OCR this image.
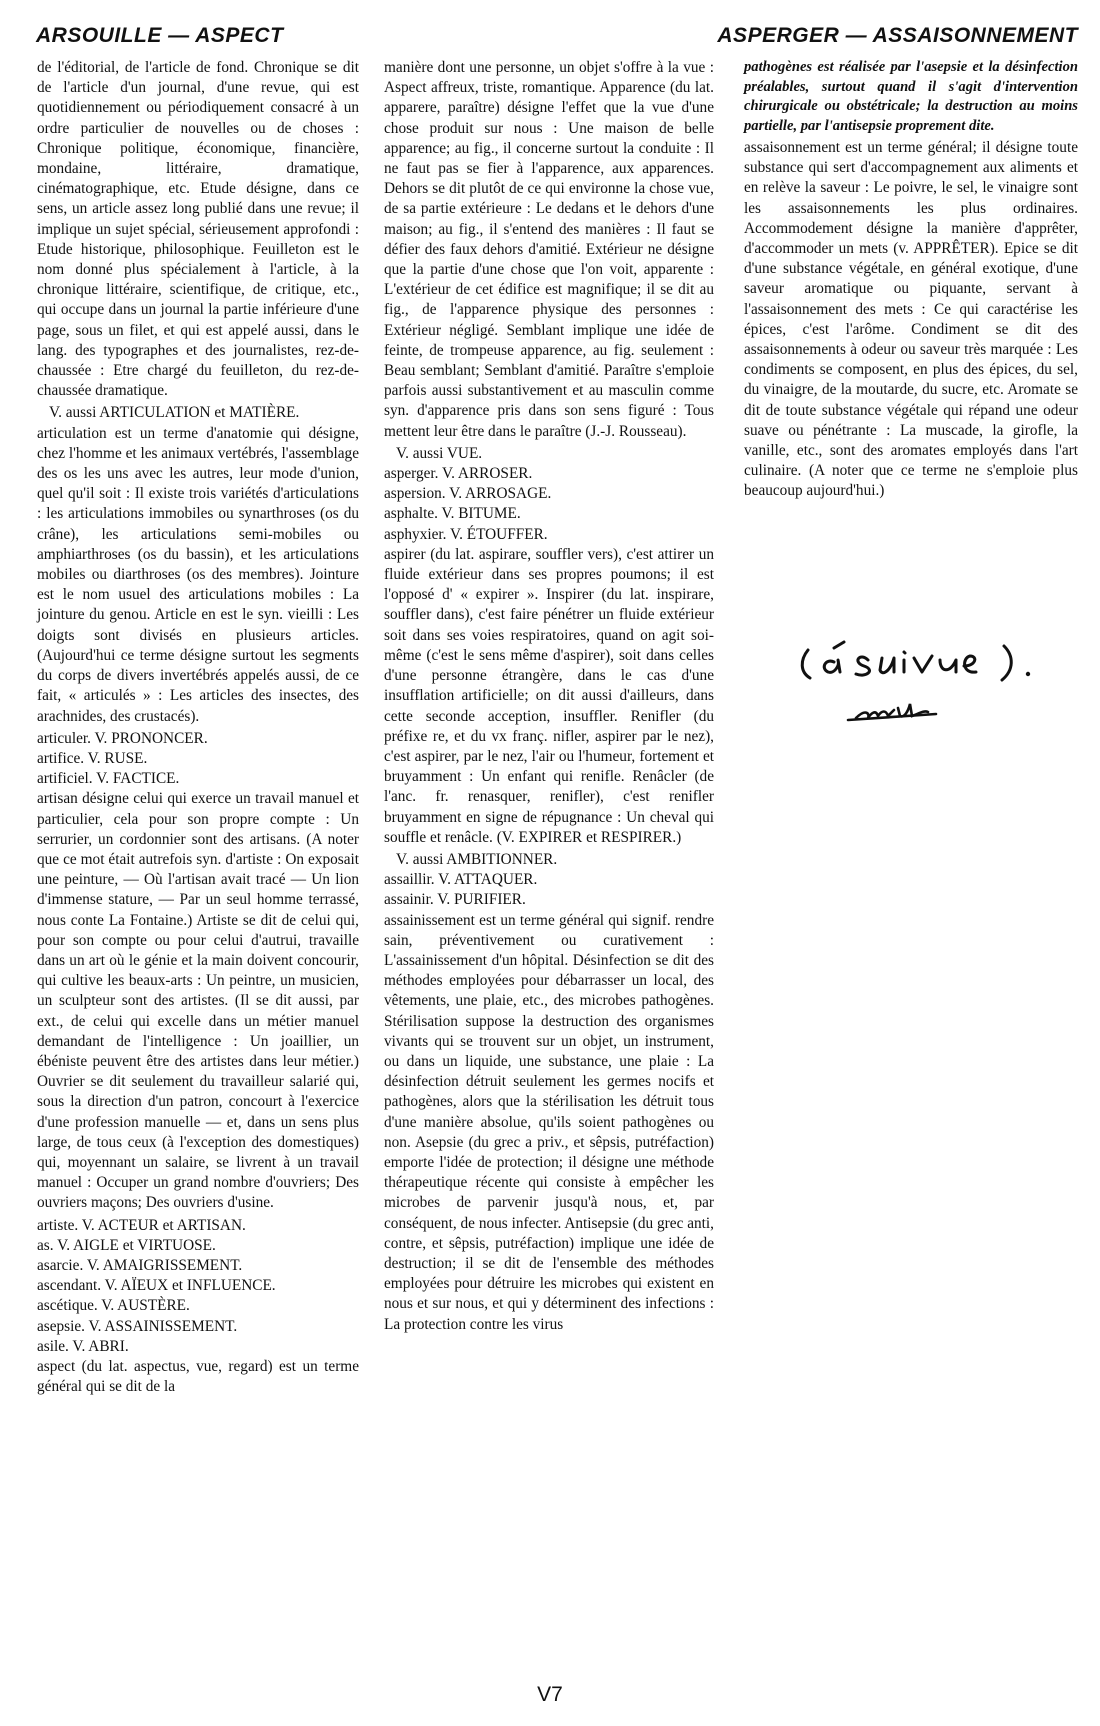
ARSOUILLE — ASPECT	ASPERGER — ASSAISONNEMENT

de l'éditorial, de l'article de fond. Chronique se dit de l'article d'un journal, d'une revue, qui est quotidiennement ou périodiquement consacré à un ordre particulier de nouvelles ou de choses : Chronique politique, économique, financière, mondaine, littéraire, dramatique, cinématographique, etc. Etude désigne, dans ce sens, un article assez long publié dans une revue; il implique un sujet spécial, sérieusement approfondi : Etude historique, philosophique. Feuilleton est le nom donné plus spécialement à l'article, à la chronique littéraire, scientifique, de critique, etc., qui occupe dans un journal la partie inférieure d'une page, sous un filet, et qui est appelé aussi, dans le lang. des typographes et des journalistes, rez-de-chaussée : Etre chargé du feuilleton, du rez-de-chaussée dramatique.

V. aussi ARTICULATION et MATIÈRE.

articulation est un terme d'anatomie qui désigne, chez l'homme et les animaux vertébrés, l'assemblage des os les uns avec les autres, leur mode d'union, quel qu'il soit : Il existe trois variétés d'articulations : les articulations immobiles ou synarthroses (os du crâne), les articulations semi-mobiles ou amphiarthroses (os du bassin), et les articulations mobiles ou diarthroses (os des membres). Jointure est le nom usuel des articulations mobiles : La jointure du genou. Article en est le syn. vieilli : Les doigts sont divisés en plusieurs articles. (Aujourd'hui ce terme désigne surtout les segments du corps de divers invertébrés appelés aussi, de ce fait, « articulés » : Les articles des insectes, des arachnides, des crustacés).

articuler. V. PRONONCER.

artifice. V. RUSE.

artificiel. V. FACTICE.

artisan désigne celui qui exerce un travail manuel et particulier, cela pour son propre compte : Un serrurier, un cordonnier sont des artisans. (A noter que ce mot était autrefois syn. d'artiste : On exposait une peinture, — Où l'artisan avait tracé — Un lion d'immense stature, — Par un seul homme terrassé, nous conte La Fontaine.) Artiste se dit de celui qui, pour son compte ou pour celui d'autrui, travaille dans un art où le génie et la main doivent concourir, qui cultive les beaux-arts : Un peintre, un musicien, un sculpteur sont des artistes. (Il se dit aussi, par ext., de celui qui excelle dans un métier manuel demandant de l'intelligence : Un joaillier, un ébéniste peuvent être des artistes dans leur métier.) Ouvrier se dit seulement du travailleur salarié qui, sous la direction d'un patron, concourt à l'exercice d'une profession manuelle — et, dans un sens plus large, de tous ceux (à l'exception des domestiques) qui, moyennant un salaire, se livrent à un travail manuel : Occuper un grand nombre d'ouvriers; Des ouvriers maçons; Des ouvriers d'usine.

artiste. V. ACTEUR et ARTISAN.

as. V. AIGLE et VIRTUOSE.

asarcie. V. AMAIGRISSEMENT.

ascendant. V. AÏEUX et INFLUENCE.

ascétique. V. AUSTÈRE.

asepsie. V. ASSAINISSEMENT.

asile. V. ABRI.

aspect (du lat. aspectus, vue, regard) est un terme général qui se dit de la

manière dont une personne, un objet s'offre à la vue : Aspect affreux, triste, romantique. Apparence (du lat. apparere, paraître) désigne l'effet que la vue d'une chose produit sur nous : Une maison de belle apparence; au fig., il concerne surtout la conduite : Il ne faut pas se fier à l'apparence, aux apparences. Dehors se dit plutôt de ce qui environne la chose vue, de sa partie extérieure : Le dedans et le dehors d'une maison; au fig., il s'entend des manières : Il faut se défier des faux dehors d'amitié. Extérieur ne désigne que la partie d'une chose que l'on voit, apparente : L'extérieur de cet édifice est magnifique; il se dit au fig., de l'apparence physique des personnes : Extérieur négligé. Semblant implique une idée de feinte, de trompeuse apparence, au fig. seulement : Beau semblant; Semblant d'amitié. Paraître s'emploie parfois aussi substantivement et au masculin comme syn. d'apparence pris dans son sens figuré : Tous mettent leur être dans le paraître (J.-J. Rousseau).

V. aussi VUE.

asperger. V. ARROSER.

aspersion. V. ARROSAGE.

asphalte. V. BITUME.

asphyxier. V. ÉTOUFFER.

aspirer (du lat. aspirare, souffler vers), c'est attirer un fluide extérieur dans ses propres poumons; il est l'opposé d' « expirer ». Inspirer (du lat. inspirare, souffler dans), c'est faire pénétrer un fluide extérieur soit dans ses voies respiratoires, quand on agit soi-même (c'est le sens même d'aspirer), soit dans celles d'une personne étrangère, dans le cas d'une insufflation artificielle; on dit aussi d'ailleurs, dans cette seconde acception, insuffler. Renifler (du préfixe re, et du vx franç. nifler, aspirer par le nez), c'est aspirer, par le nez, l'air ou l'humeur, fortement et bruyamment : Un enfant qui renifle. Renâcler (de l'anc. fr. renasquer, renifler), c'est renifler bruyamment en signe de répugnance : Un cheval qui souffle et renâcle. (V. EXPIRER et RESPIRER.)

V. aussi AMBITIONNER.

assaillir. V. ATTAQUER.

assainir. V. PURIFIER.

assainissement est un terme général qui signif. rendre sain, préventivement ou curativement : L'assainissement d'un hôpital. Désinfection se dit des méthodes employées pour débarrasser un local, des vêtements, une plaie, etc., des microbes pathogènes. Stérilisation suppose la destruction des organismes vivants qui se trouvent sur un objet, un instrument, ou dans un liquide, une substance, une plaie : La désinfection détruit seulement les germes nocifs et pathogènes, alors que la stérilisation les détruit tous d'une manière absolue, qu'ils soient pathogènes ou non. Asepsie (du grec a priv., et sêpsis, putréfaction) emporte l'idée de protection; il désigne une méthode thérapeutique récente qui consiste à empêcher les microbes de parvenir jusqu'à nous, et, par conséquent, de nous infecter. Antisepsie (du grec anti, contre, et sêpsis, putréfaction) implique une idée de destruction; il se dit de l'ensemble des méthodes employées pour détruire les microbes qui existent en nous et sur nous, et qui y déterminent des infections : La protection contre les virus

pathogènes est réalisée par l'asepsie et la désinfection préalables, surtout quand il s'agit d'intervention chirurgicale ou obstétricale; la destruction au moins partielle, par l'antisepsie proprement dite.

assaisonnement est un terme général; il désigne toute substance qui sert d'accompagnement aux aliments et en relève la saveur : Le poivre, le sel, le vinaigre sont les assaisonnements les plus ordinaires. Accommodement désigne la manière d'apprêter, d'accommoder un mets (v. APPRÊTER). Epice se dit d'une substance végétale, en général exotique, d'une saveur aromatique ou piquante, servant à l'assaisonnement des mets : Ce qui caractérise les épices, c'est l'arôme. Condiment se dit des assaisonnements à odeur ou saveur très marquée : Les condiments se composent, en plus des épices, du sel, du vinaigre, de la moutarde, du sucre, etc. Aromate se dit de toute substance végétale qui répand une odeur suave ou pénétrante : La muscade, la girofle, la vanille, etc., sont des aromates employés dans l'art culinaire. (A noter que ce terme ne s'emploie plus beaucoup aujourd'hui.)

V7
